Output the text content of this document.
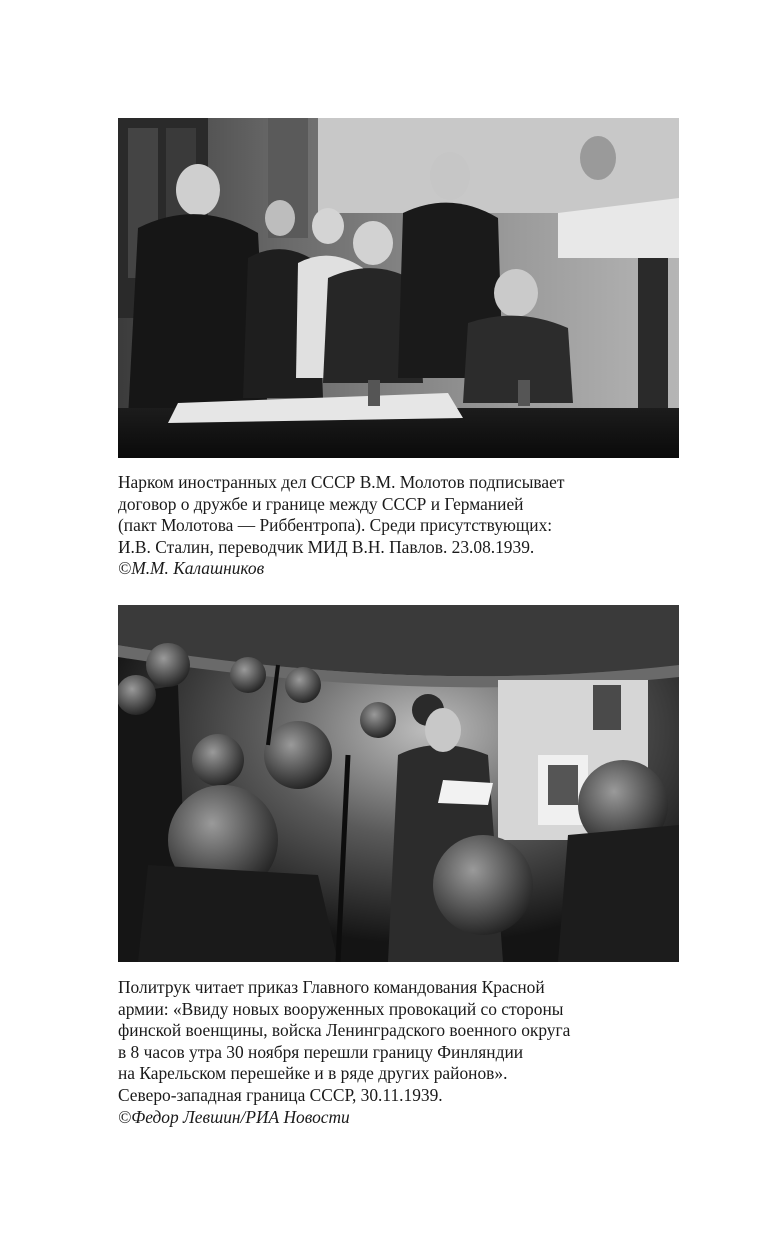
Нарком иностранных дел СССР В.М. Молотов подписывает
договор о дружбе и границе между СССР и Германией
(пакт Молотова — Риббентропа). Среди присутствующих:
И.В. Сталин, переводчик МИД В.Н. Павлов. 23.08.1939.
©М.М. Калашников
Политрук читает приказ Главного командования Красной
армии: «Ввиду новых вооруженных провокаций со стороны
финской военщины, войска Ленинградского военного округа
в 8 часов утра 30 ноября перешли границу Финляндии
на Карельском перешейке и в ряде других районов».
Северо-западная граница СССР, 30.11.1939.
©Федор Левшин/РИА Новости
